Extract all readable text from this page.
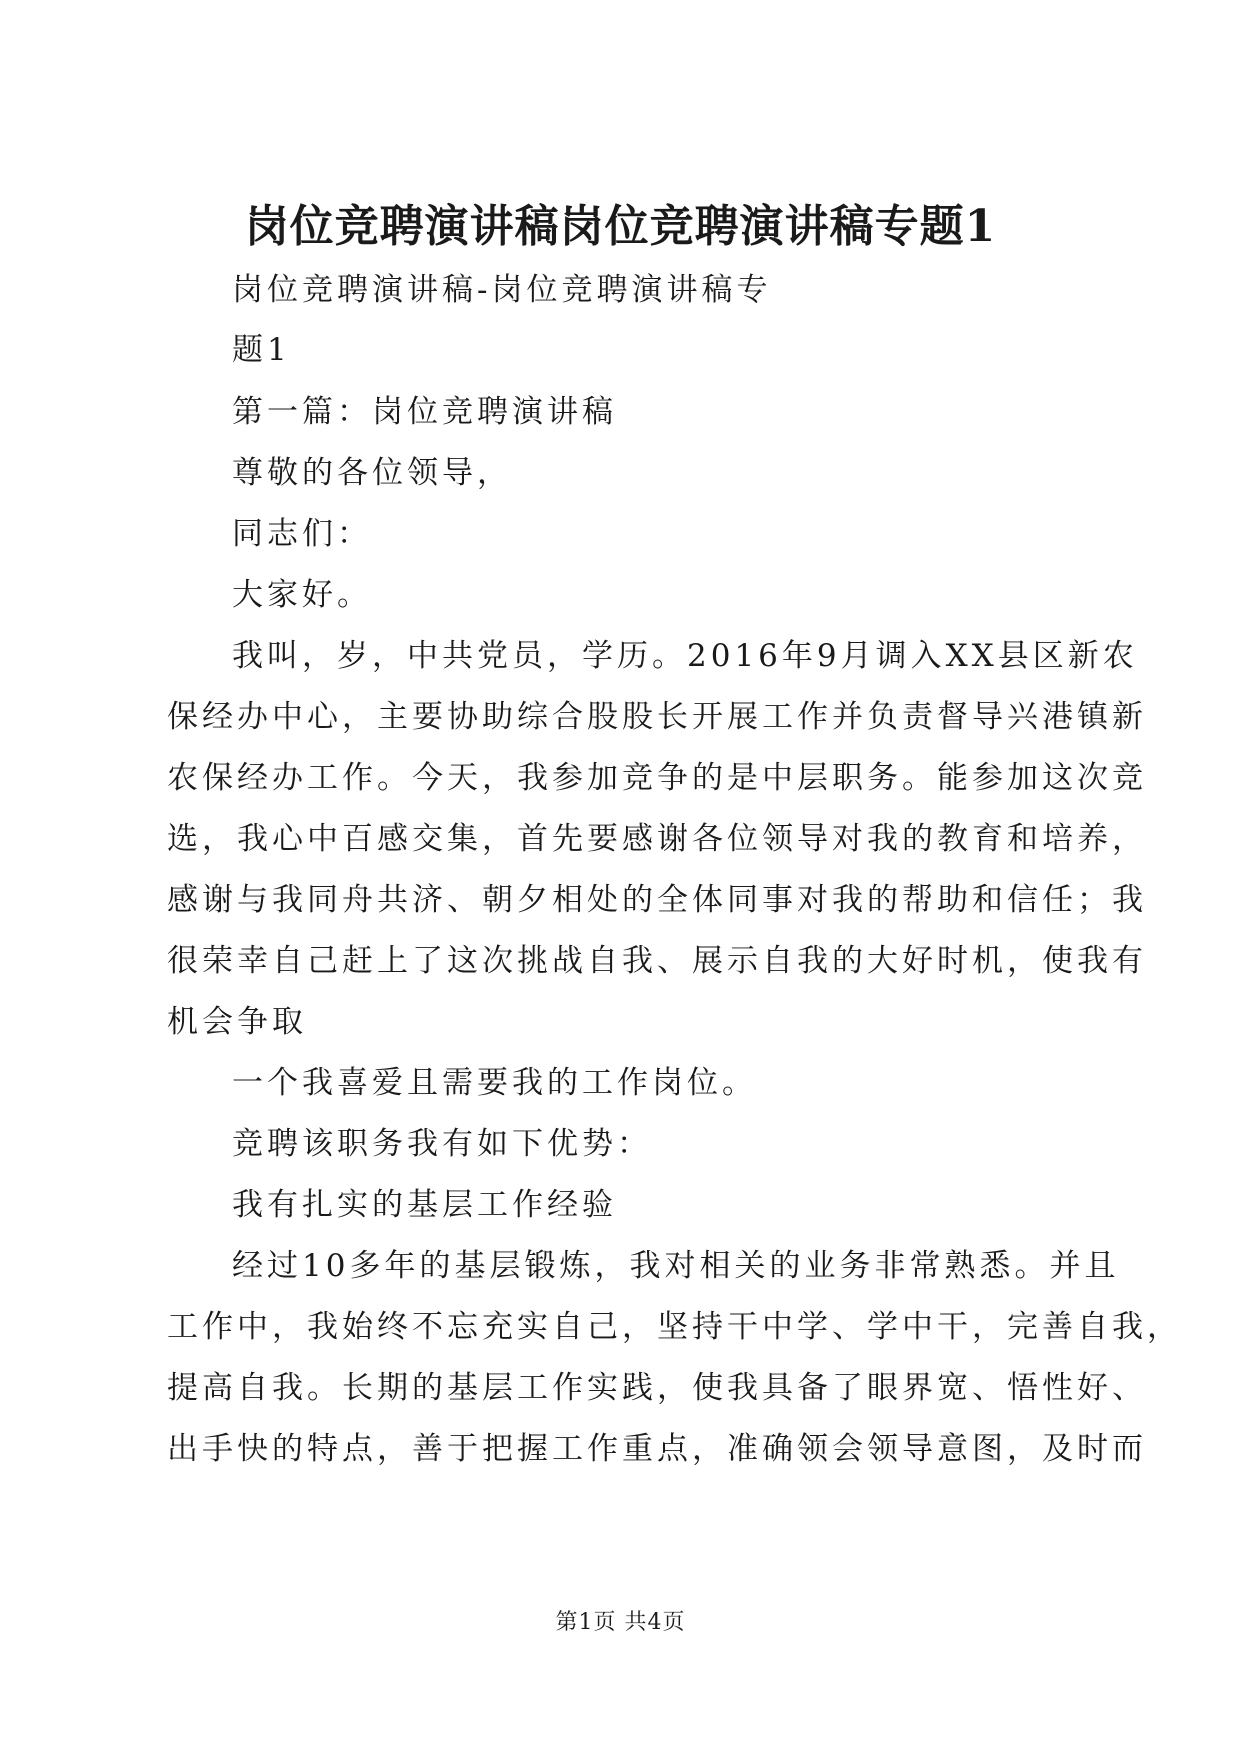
岗位竞聘演讲稿岗位竞聘演讲稿专题1
岗位竞聘演讲稿-岗位竞聘演讲稿专
题1
第一篇：岗位竞聘演讲稿
尊敬的各位领导，
同志们：
大家好。
我叫，岁，中共党员，学历。2016年9月调入XX县区新农
保经办中心，主要协助综合股股长开展工作并负责督导兴港镇新
农保经办工作。今天，我参加竞争的是中层职务。能参加这次竞
选，我心中百感交集，首先要感谢各位领导对我的教育和培养，
感谢与我同舟共济、朝夕相处的全体同事对我的帮助和信任；我
很荣幸自己赶上了这次挑战自我、展示自我的大好时机，使我有
机会争取
一个我喜爱且需要我的工作岗位。
竞聘该职务我有如下优势：
我有扎实的基层工作经验
经过10多年的基层锻炼，我对相关的业务非常熟悉。并且
工作中，我始终不忘充实自己，坚持干中学、学中干，完善自我，
提高自我。长期的基层工作实践，使我具备了眼界宽、悟性好、
出手快的特点，善于把握工作重点，准确领会领导意图，及时而
第1页 共4页
